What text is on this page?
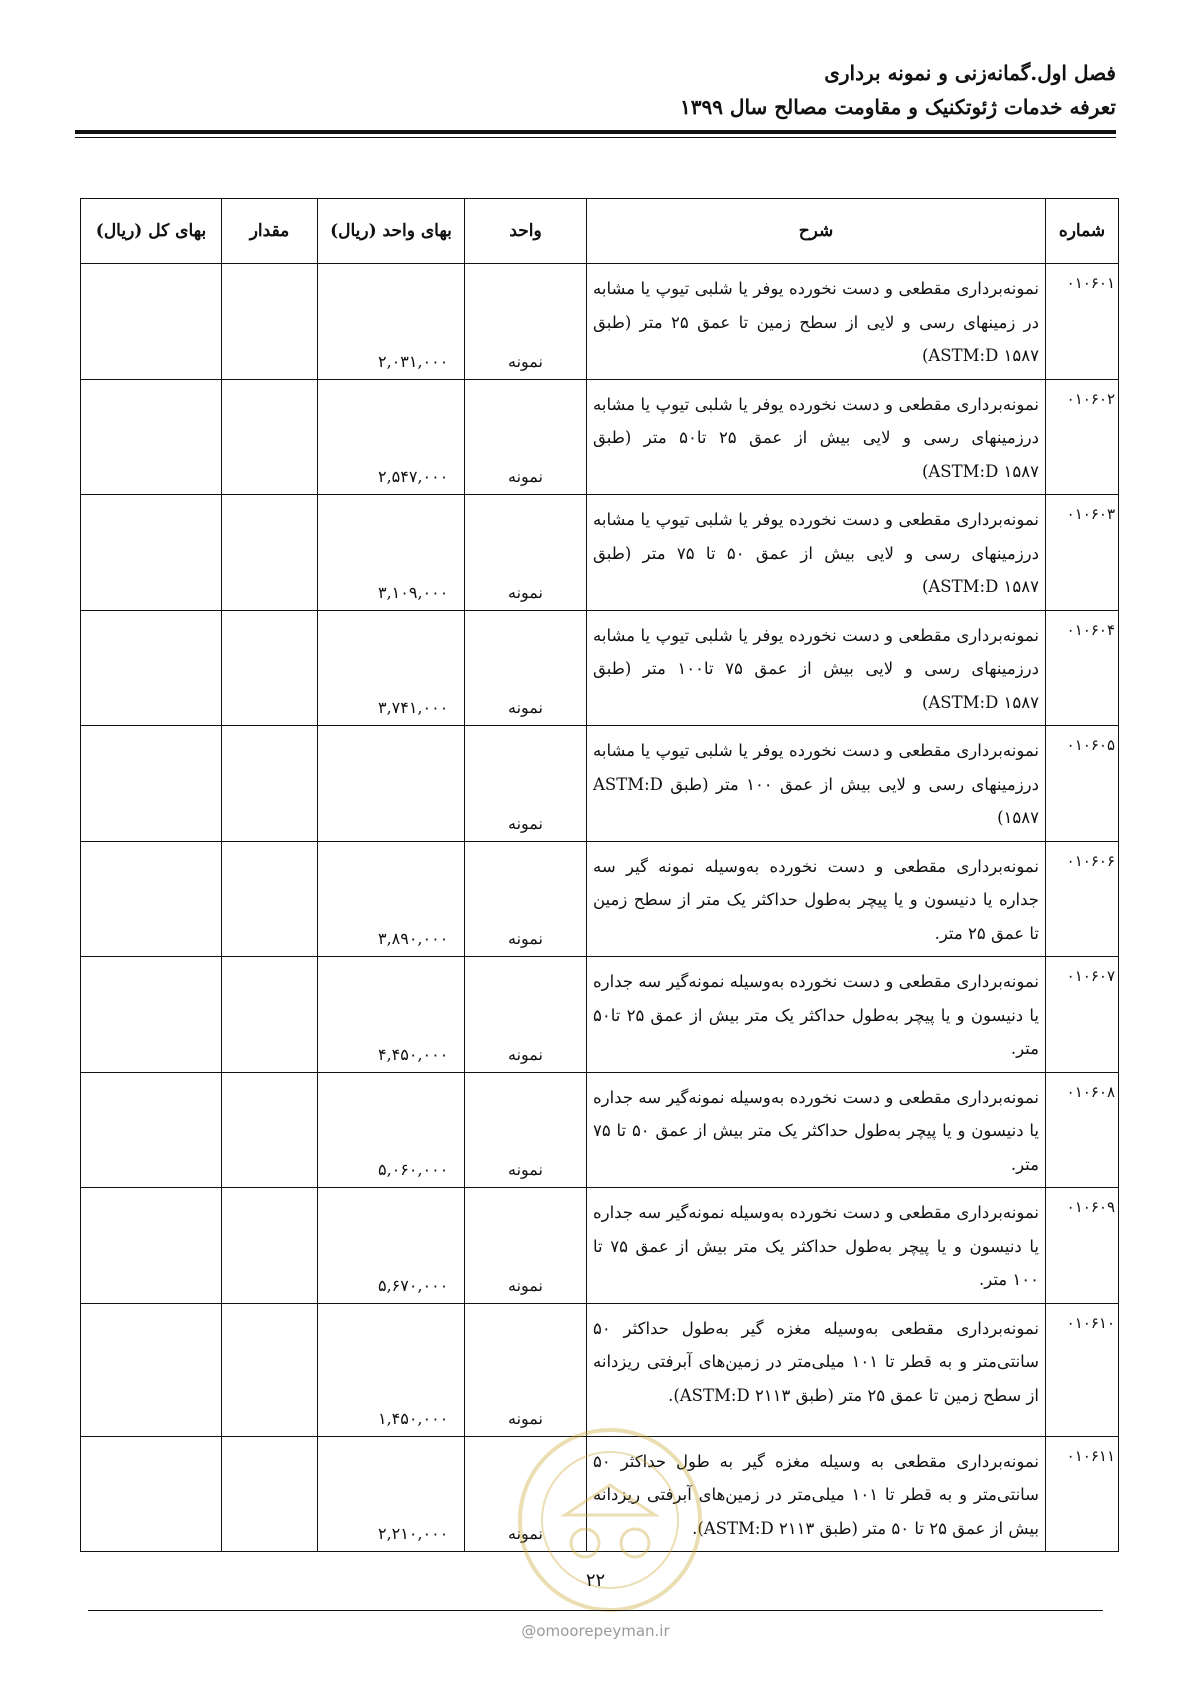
فصل اول.گمانه‌زنی و نمونه برداری
تعرفه خدمات ژئوتکنیک و مقاومت مصالح سال ۱۳۹۹
شماره	شرح	واحد	بهای واحد (ریال)	مقدار	بهای کل (ریال)
۰۱۰۶۰۱	نمونه‌برداری مقطعی و دست نخورده یوفر یا شلبی تیوپ یا مشابه در زمینهای رسی و لایی از سطح زمین تا عمق ۲۵ متر (طبق ASTM:D ۱۵۸۷)	نمونه	۲,۰۳۱,۰۰۰		
۰۱۰۶۰۲	نمونه‌برداری مقطعی و دست نخورده یوفر یا شلبی تیوپ یا مشابه درزمینهای رسی و لایی بیش از عمق ۲۵ تا۵۰ متر (طبق ASTM:D ۱۵۸۷)	نمونه	۲,۵۴۷,۰۰۰		
۰۱۰۶۰۳	نمونه‌برداری مقطعی و دست نخورده یوفر یا شلبی تیوپ یا مشابه درزمینهای رسی و لایی بیش از عمق ۵۰ تا ۷۵ متر (طبق ASTM:D ۱۵۸۷)	نمونه	۳,۱۰۹,۰۰۰		
۰۱۰۶۰۴	نمونه‌برداری مقطعی و دست نخورده یوفر یا شلبی تیوپ یا مشابه درزمینهای رسی و لایی بیش از عمق ۷۵ تا۱۰۰ متر (طبق ASTM:D ۱۵۸۷)	نمونه	۳,۷۴۱,۰۰۰		
۰۱۰۶۰۵	نمونه‌برداری مقطعی و دست نخورده یوفر یا شلبی تیوپ یا مشابه درزمینهای رسی و لایی بیش از عمق ۱۰۰ متر (طبق ASTM:D ۱۵۸۷)	نمونه			
۰۱۰۶۰۶	نمونه‌برداری مقطعی و دست نخورده به‌وسیله نمونه گیر سه جداره یا دنیسون و یا پیچر به‌طول حداکثر یک متر از سطح زمین تا عمق ۲۵ متر.	نمونه	۳,۸۹۰,۰۰۰		
۰۱۰۶۰۷	نمونه‌برداری مقطعی و دست نخورده به‌وسیله نمونه‌گیر سه جداره یا دنیسون و یا پیچر به‌طول حداکثر یک متر بیش از عمق ۲۵ تا۵۰ متر.	نمونه	۴,۴۵۰,۰۰۰		
۰۱۰۶۰۸	نمونه‌برداری مقطعی و دست نخورده به‌وسیله نمونه‌گیر سه جداره یا دنیسون و یا پیچر به‌طول حداکثر یک متر بیش از عمق ۵۰ تا ۷۵ متر.	نمونه	۵,۰۶۰,۰۰۰		
۰۱۰۶۰۹	نمونه‌برداری مقطعی و دست نخورده به‌وسیله نمونه‌گیر سه جداره یا دنیسون و یا پیچر به‌طول حداکثر یک متر بیش از عمق ۷۵ تا ۱۰۰ متر.	نمونه	۵,۶۷۰,۰۰۰		
۰۱۰۶۱۰	نمونه‌برداری مقطعی به‌وسیله مغزه گیر به‌طول حداکثر ۵۰ سانتی‌متر و به قطر تا ۱۰۱ میلی‌متر در زمین‌های آبرفتی ریزدانه از سطح زمین تا عمق ۲۵ متر (طبق ۲۱۱۳ ASTM:D).	نمونه	۱,۴۵۰,۰۰۰		
۰۱۰۶۱۱	نمونه‌برداری مقطعی به وسیله مغزه گیر به طول حداکثر ۵۰ سانتی‌متر و به قطر تا ۱۰۱ میلی‌متر در زمین‌های آبرفتی ریزدانه بیش از عمق ۲۵ تا ۵۰ متر (طبق ASTM:D ۲۱۱۳).	نمونه	۲,۲۱۰,۰۰۰		
۲۲
@omoorepeyman.ir
